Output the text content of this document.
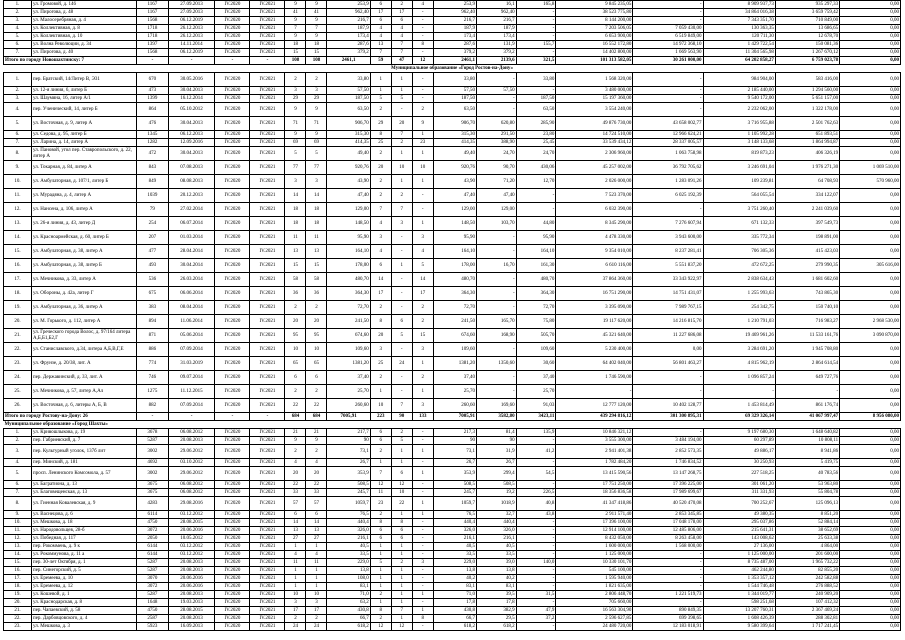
1.	ул. Громовой, д. 146	1167	27.09.2013	IV.2020	IV.2021	9	9	253,9	6	2	4	253,9	16,1	165,8	9 845 235,05	-	8 909 937,73	935 297,33	0,00
2.	ул. Пирогова, д. 48	1167	27.09.2013	IV.2020	IV.2021	41	41	962,40	17	17	-	962,40	962,40	-	38 523 775,80	-	34 864 016,38	3 659 759,42	0,00
3.	ул. Малосеребряная, д. 4	1568	06.12.2019	IV.2020	IV.2021	9	9	216,7	6	6	-	216,7	216,7	-	8 144 200,00	-	7 343 351,70	710 849,00	0,00
4.	ул. Коллективная, д. 8	1718	26.12.2013	IV.2020	IV.2021	7	7	187,9	4	4	-	187,9	187,9	-	7 203 506,05	7 059 430,00	130 363,35	13 686,65	0,00
5.	ул. Коллективная, д. 10	1718	26.12.2013	IV.2020	IV.2021	9	9	173,4	4	4	-	173,4	173,4	-	6 653 900,00	6 519 849,00	120 711,30	12 678,70	0,00
6.	ул. Волна Революции, д. 34	1397	14.11.2014	IV.2020	IV.2021	18	18	287,6	13	7	8	287,6	131,9	155,7	16 552 172,80	14 972 368,10	1 429 722,54	150 081,36	0,00
7.	ул. Пирогова, д. 40	1568	06.12.2019	IV.2020	IV.2021	15	15	379,2	7	7	-	379,2	379,2	-	14 402 800,00	1 669 563,90	11 304 565,98	1 267 670,12	0,00
Итого по городу Новошахтинску: 7		-	-	-	-	108	108	2461,1	59	47	12	2461,1	2139,6	321,5	101 313 582,05	30 261 000,00	64 202 858,27	6 759 023,78	0,00
Муниципальное образование «Город Ростов-на-Дону»																			
1.	пер. Братский, 14/Литер В, Э31	670	30.05.2016	IV.2020	IV.2021	2	2	33,80	1	1	-	33,80	-	33,80	1 568 320,00	-	984 904,00	583 416,00	0,00
2.	ул. 12-я линия, 6, литер Б	473	30.04.2013	IV.2020	IV.2021	3	3	57,50	1	1	-	57,50	57,50	-	3 480 000,00	-	2 185 440,00	1 294 560,00	0,00
3.	ул. Шаумяна, 16, литер А/1	1399	16.12.2014	IV.2020	IV.2021	29	29	187,50	5	5	-	187,50	-	187,50	15 197 360,00	-	9 540 172,00	5 651 157,00	0,00
4.	пер. Ученический, 14, литер Б	864	05.10.2012	IV.2020	IV.2021	9	9	63,50	2	-	2	63,50	-	63,50	3 554 240,00	-	2 232 062,00	1 322 178,00	0,00
5.	ул. Восточная, д. 9, литер А	476	30.04.2013	IV.2020	IV.2021	71	71	906,70	29	20	9	906,70	620,80	285,90	49 876 730,00	43 658 002,77	3 716 955,88	2 501 762,63	0,00
6.	ул. Седова, д. 95, литер Б	1345	06.12.2013	IV.2020	IV.2021	9	9	315,30	8	7	1	315,30	291,50	23,80	14 724 510,00	12 966 624,21	1 105 992,28	651 893,51	0,00
7.	ул. Ларина, д. 14, литер А	1282	12.09.2016	IV.2020	IV.2021	69	69	414,35	25	2	23	414,35	388,90	25,45	33 539 434,12	28 337 005,57	3 148 133,68	1 864 994,87	0,00
8.	ул. Пановой, угол пер. Ставропольского, д. 22, литер А	472	30.04.2013	IV.2020	IV.2021	5	5	49,40	2	1	1	49,40	24,70	24,70	2 306 960,00	1 063 758,98	819 873,23	406 326,19	0,00
9.	ул. Токарная, д. 84, литер А	843	07.08.2013	IV.2020	IV.2021	77	77	920,76	20	10	10	920,76	90,70	430,06	45 257 002,00	36 792 705,62	3 246 691,04	1 976 271,30	1 069 510,00
10.	ул. Амбулаторная, д. 107/1, литер Б	849	08.08.2013	IV.2020	IV.2021	3	3	43,90	2	1	1	43,90	71,20	12,70	2 026 000,00	1 283 091,26	109 239,81	64 708,93	570 960,00
11.	ул. Мурадяна, д. 4, литер А	1039	20.12.2013	IV.2020	IV.2021	14	14	47,40	2	2	-	47,40	47,40	-	7 523 370,00	6 025 192,39	564 055,54	334 122,07	0,00
12.	ул. Нансена, д. 106, литер А	79	27.02.2014	IV.2020	IV.2021	18	18	129,00	7	7	-	129,00	129,00	-	6 032 390,00	-	3 751 260,40	2 241 039,60	0,00
13.	ул. 26-я линия, д. 43, литер Д	254	06.07.2014	IV.2020	IV.2021	18	18	148,50	4	3	1	148,50	103,70	44,80	8 345 290,00	7 276 607,94	671 132,33	397 549,73	0,00
14.	ул. Красноармейская, д. 60, литер Б	207	01.03.2014	IV.2020	IV.2021	11	11	95,90	3	-	3	95,90	-	95,90	4 478 330,00	3 943 600,00	335 772,34	198 891,00	0,00
15.	ул. Амбулаторная, д. 38, литер А	477	28.04.2014	IV.2020	IV.2021	13	13	164,10	4	-	4	164,10	-	164,10	9 354 010,00	8 237 281,41	706 305,36	415 423,03	0,00
16.	ул. Амбулаторная, д. 38, литер Б	493	30.04.2014	IV.2020	IV.2021	15	15	178,00	6	1	5	178,00	16,70	161,30	6 610 116,00	5 551 837,20	472 672,25	279 990,35	305 616,00
17.	ул. Мечникова, д. 33, литер А	536	26.03.2014	IV.2020	IV.2021	58	58	480,70	14	-	14	480,70	-	480,70	37 864 360,00	33 343 922,97	2 838 634,43	1 681 602,60	0,00
18.	ул. Обороны, д. 42а, литер Г	675	06.06.2014	IV.2020	IV.2021	36	36	364,30	17	-	17	364,30	-	364,30	16 751 290,00	14 751 431,07	1 255 993,63	743 865,30	0,00
19.	ул. Амбулаторная, д. 36, литер А	383	08.04.2014	IV.2020	IV.2021	2	2	72,70	2	-	2	72,70	-	72,70	3 395 090,00	7 989 767,15	254 342,75	150 740,10	0,00
20.	ул. М. Горького, д. 112, литер А	894	11.06.2014	IV.2020	IV.2021	20	20	241,50	8	6	2	241,50	165,70	75,80	19 117 620,00	14 216 815,70	1 210 791,03	716 983,27	2 968 530,00
21.	ул. Греческого города Волос, д. 97/164 литера А,Б,Б1,Б2,Г	871	05.06.2014	IV.2020	IV.2021	95	95	674,60	20	5	15	674,60	168,90	505,70	45 321 640,00	11 227 686,08	19 469 961,26	11 533 161,76	3 090 870,00
22.	ул. Станиславского, д.34, литера А,Б,В,Г,Е	886	07.09.2014	IV.2020	IV.2021	10	10	109,60	3	-	3	109,60	-	109,60	5 230 400,00	0,00	3 284 691,20	1 945 708,80	0,00
23.	ул. Фрунзе, д. 20/38, лит. А	774	31.03.2019	IV.2020	IV.2021	65	65	1381,20	25	24	1	1381,20	1350,60	30,60	64 402 040,00	56 801 463,27	4 815 962,19	2 864 614,54	0,00
24.	пер. Державинский, д. 33, лит. А	746	09.07.2014	IV.2020	IV.2021	6	6	37,40	2	-	2	37,40	-	37,40	1 746 590,00	-	1 096 857,24	649 727,76	0,00
25.	ул. Мечникова, д. 57, литер А,Ал	1275	11.12.2015	IV.2020	IV.2021	2	2	25,70	1	-	1	25,70	-	25,70	-	-	-	-	0,00
26.	ул. Восточная, д. 6, литеры А, Б, В	882	07.09.2014	IV.2020	IV.2021	22	22	260,60	10	7	3	260,60	169,60	91,03	12 777 120,00	10 402 128,77	1 453 814,49	861 176,74	0,00
Итого по городу Ростову-на-Дону: 26		-	-	-	-	684	684	7005,91	223	90	133	7005,91	3582,80	3423,11	439 294 816,12	301 300 895,31	69 329 326,14	41 067 997,47	8 956 080,00
Муниципальное образование «Город Шахты»																			
1.	ул. Кривошлыкова, д. 19	3678	06.08.2012	IV.2020	IV.2021	21	21	217,7	6	2	-	217,3	81,4	135,9	10 846 321,12	-	9 197 680,30	1 648 640,82	0,00
2.	пер. Габриевский, д. 7	5287	20.08.2013	IV.2020	IV.2021	9	9	90	6	5	-	90	90	-	3 555 300,00	3 484 194,00	60 297,89	10 808,11	0,00
3.	пер. Культурный уголок, 137б лит	3002	29.06.2012	IV.2020	IV.2021	2	2	73,1	2	1	1	73,1	31,9	41,2	2 941 401,38	2 852 573,35	49 886,17	8 941,86	0,00
4.	пер. Минский, д. 181	4692	03.10.2012	IV.2020	IV.2021	4	4	26,7	1	1	-	26,7	26,7	-	1 782 484,20	1 746 834,52	30 250,93	5 419,75	0,00
5.	просп. Ленинского Комсомола, д. 57	3002	29.06.2012	IV.2020	IV.2021	20	20	353,9	7	6	1	353,9	299,4	54,5	13 415 590,56	13 147 268,75	227 518,25	40 783,56	0,00
6.	ул. Багратиона, д. 13	3675	06.08.2012	IV.2020	IV.2021	22	22	508,5	12	12	-	508,5	508,5	-	17 751 250,00	17 396 225,00	301 061,20	53 963,80	0,00
7.	ул. Благовещенская, д. 13	3675	06.08.2012	IV.2020	IV.2021	33	33	245,7	11	10	-	245,7	19,2	226,5	18 356 836,58	17 989 699,67	311 331,93	55 804,78	0,00
8.	ул. Гиенная Ковалевская, д. 9	4283	29.08.2016	IV.2020	IV.2021	57	57	1059,7	23	22	1	1059,7	1018,9	40,8	41 347 418,86	40 520 470,08	700 252,67	125 096,13	0,00
9.	ул. Васнецова, д. 6	6114	03.12.2012	IV.2020	IV.2021	6	6	76,5	2	1	1	76,5	32,7	43,8	2 911 571,40	2 853 345,85	49 380,35	8 851,20	0,00
10.	ул. Мешкова, д. 18	4750	28.08.2015	IV.2020	IV.2021	14	14	440,4	8	8	-	440,4	440,4	-	17 396 100,00	17 048 178,00	295 037,86	52 884,14	0,00
11.	ул. Народовольцев, 28-б	3072	20.06.2016	IV.2020	IV.2021	13	13	326,0	6	6	-	326,0	326,0	-	12 914 100,00	12 485 806,00	215 641,31	38 652,69	0,00
12.	ул. Победная, д. 117	2050	10.05.2012	IV.2020	IV.2021	27	27	216,1	6	6	-	216,1	216,1	-	8 432 050,00	8 263 458,00	143 008,62	25 633,38	0,00
13.	пер. Рокоммень, д. 9 к	6144	03.12.2012	IV.2020	IV.2021	1	1	40,5	1	1	-	40,5	40,5	-	1 600 000,00	1 568 000,00	27 136,00	4 864,00	0,00
14.	ул. Рокоммунова, д. 11 а	6144	03.12.2012	IV.2020	IV.2021	4	4	33,5	1	1	-	33,5	33,5	-	1 125 000,00	-	1 125 000,00	201 600,00	0,00
15.	пер. 30-лет Октября, д. 1	5287	20.08.2013	IV.2020	IV.2021	11	11	229,0	5	2	3	229,0	39,0	140,0	10 330 101,70	-	8 735 487,00	1 965 732,22	0,00
16.	пер. Синегорский, д. 5	5287	20.08.2013	IV.2020	IV.2021	1	1	13,8	1	1	-	13,8	13,8	-	545 100,00	-	462 244,80	82 855,20	0,00
17.	ул. Еремеева, д. 10	3070	20.06.2016	IV.2020	IV.2021	1	1	108,0	1	1	-	40,2	40,2	-	1 595 940,00	-	1 353 357,12	242 582,88	0,00
18.	ул. Еремеева, д. 12	3072	20.06.2016	IV.2020	IV.2021	1	1	83,1	1	1	-	83,1	83,1	-	1 821 635,00	-	1 544 746,48	276 888,52	0,00
19.	ул. Кошевой, д. 1	5287	20.08.2013	IV.2020	IV.2021	10	10	71,0	2	1	1	71,0	39,5	31,5	2 806 448,70	1 221 519,73	1 344 019,77	240 909,20	0,00
20.	ул. Краснодарская, д. 8	1648	19.03.2013	IV.2020	IV.2021	3	3	63,2	1	1	-	17,8	17,8	-	705 660,00	-	598 251,68	107 412,32	0,00
21.	пер. Чапаевский, д. 58	4750	28.08.2015	IV.2020	IV.2021	17	17	430,8	8	7	1	430,8	382,9	47,9	16 563 304,90	890 849,35	13 207 760,31	2 367 469,24	0,00
22.	пер. Дарбовцовского, д. 4	2587	20.08.2013	IV.2020	IV.2021	2	2	66,7	2	1	8	66,7	29,5	37,2	2 596 627,85	699 398,65	1 608 426,39	288 302,81	0,00
23.	ул. Мешкова, д. 3	5923	16.09.2013	IV.2020	IV.2021	24	24	618,2	12	12	-	618,2	618,2	-	24 480 720,00	12 183 018,91	9 580 399,64	1 717 241,45	0,00
